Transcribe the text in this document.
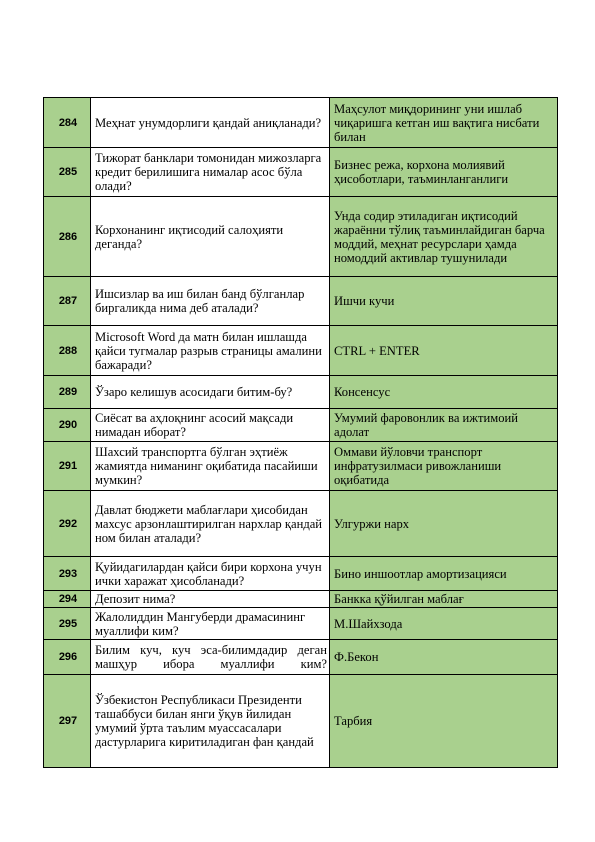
284	Меҳнат унумдорлиги қандай аниқланади?	Маҳсулот миқдорининг уни ишлаб чиқаришга кетган иш вақтига нисбати билан
285	Тижорат банклари томонидан мижозларга кредит берилишига нималар асос бўла олади?	Бизнес режа, корхона молиявий ҳисоботлари, таъминланганлиги
286	Корхонанинг иқтисодий салоҳияти деганда?	Унда содир этиладиган иқтисодий жараённи тўлиқ таъминлайдиган барча моддий, меҳнат ресурслари ҳамда номоддий активлар тушунилади
287	Ишсизлар ва иш билан банд бўлганлар биргаликда нима деб аталади?	Ишчи кучи
288	Microsoft Word да матн билан ишлашда қайси тугмалар разрыв страницы амалини бажаради?	CTRL + ENTER
289	Ўзаро келишув асосидаги битим-бу?	Консенсус
290	Сиёсат ва аҳлоқнинг асосий мақсади нимадан иборат?	Умумий фаровонлик ва ижтимоий адолат
291	Шахсий транспортга бўлган эҳтиёж жамиятда ниманинг оқибатида пасайиши мумкин?	Оммави йўловчи транспорт инфратузилмаси ривожланиши оқибатида
292	Давлат бюджети маблағлари ҳисобидан махсус арзонлаштирилган нархлар қандай ном билан аталади?	Улгуржи нарх
293	Қуйидагилардан қайси бири корхона учун ички харажат ҳисобланади?	Бино иншоотлар амортизацияси
294	Депозит нима?	Банкка қўйилган маблағ
295	Жалолиддин Мангуберди драмасининг муаллифи ким?	М.Шайхзода
296	Билим куч, куч эса-билимдадир деган машҳур ибора муаллифи ким?	Ф.Бекон
297	Ўзбекистон Республикаси Президенти ташаббуси билан янги ўқув йилидан умумий ўрта таълим муассасалари дастурларига киритиладиган фан қандай	Тарбия
